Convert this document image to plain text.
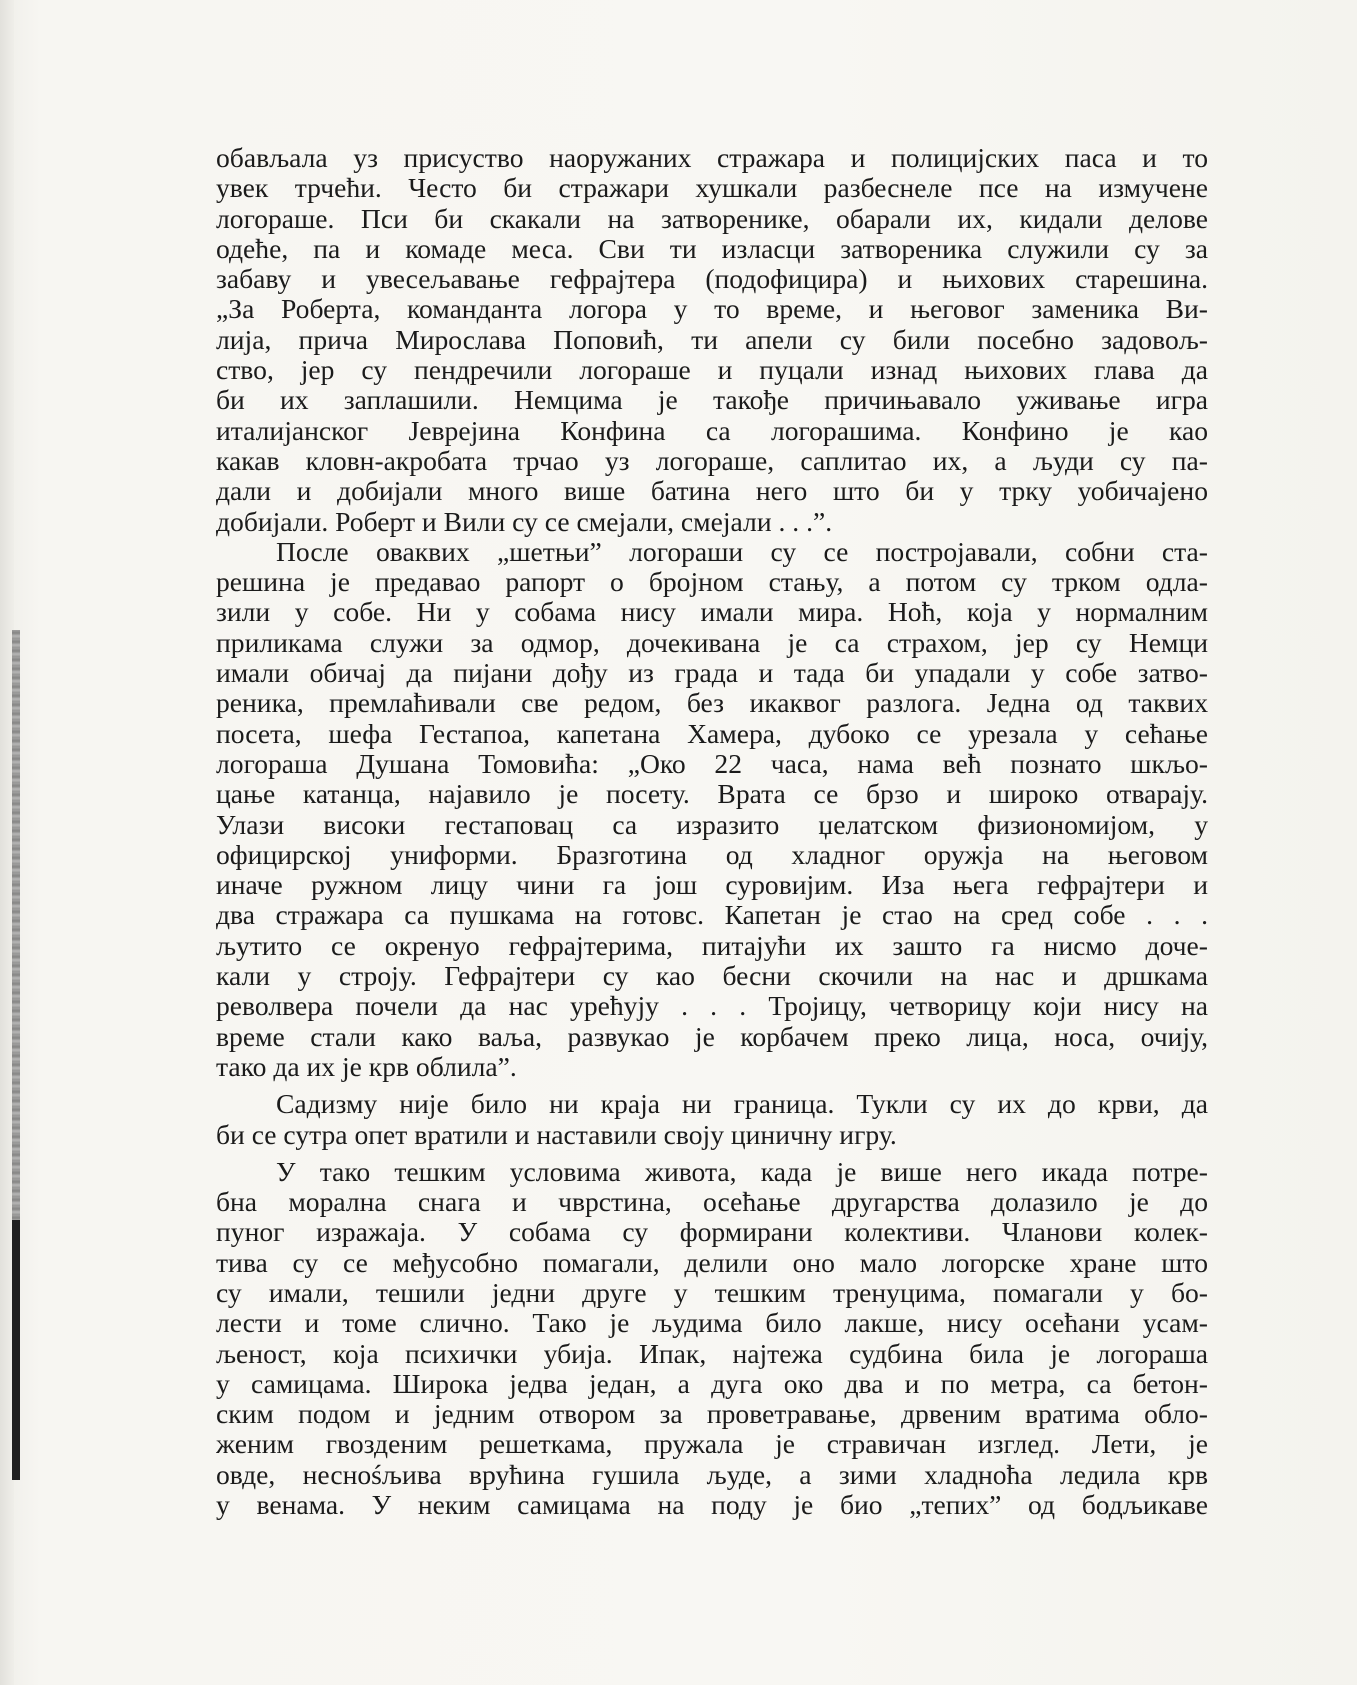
обављала уз присуство наоружаних стражара и полицијских паса и то
увек трчећи. Често би стражари хушкали разбесне​ле псе на измучене
логораше. Пси би скакали на затворенике, обарали их, кидали делове
одеће, па и комаде меса. Сви ти изласци затвореника служили су за
забаву и увесељавање гефрајтера (подофицира) и њихових старешина.
„За Роберта, команданта логора у то време, и његовог заменика Ви-
лија, прича Мирослава Поповић, ти апели су били посебно задовољ-
ство, јер су пендречили логораше и пуцали изнад њихових глава да
би их заплашили. Немцима је такође причињавало уживање игра
италијанског Јеврејина Конфина са логорашима. Конфино је као
какав кловн-акробата трчао уз логораше, саплитао их, а људи су па-
дали и добијали много више батина него што би у трку уобичајено
добијали. Роберт и Вили су се смејали, смејали . . .”.
После оваквих „шетњи” логораши су се постројавали, собни ста-
решина је предавао рапорт о бројном стању, а потом су трком одла-
зили у собе. Ни у собама нису имали мира. Ноћ, која у нормалним
приликама служи за одмор, дочекивана је са страхом, јер су Немци
имали обичај да пијани дођу из града и тада би упадали у собе затво-
реника, премлаћивали све редом, без икаквог разлога. Једна од таквих
посета, шефа Гестапоа, капетана Хамера, дубоко се урезала у сећање
логораша Душана Томовића: „Око 22 часа, нама већ познато шкљо-
цање катанца, најавило је посету. Врата се брзо и широко отварају.
Улази високи гестаповац са изразито џелатском физиономијом, у
официрској униформи. Бразготина од хладног оружја на његовом
иначе ружном лицу чини га још суровијим. Иза њега гефрајтери и
два стражара са пушкама на готовс. Капетан је стао на сред собе . . .
љутито се окренуо гефрајтерима, питајући их зашто га нисмо доче-
кали у строју. Гефрајтери су као бесни скочили на нас и дршкама
револвера почели да нас урећују . . . Тројицу, четворицу који нису на
време стали како ваља, развукао је корбачем преко лица, носа, очију,
тако да их је крв облила”.
Садизму није било ни краја ни граница. Тукли су их до крви, да
би се сутра опет вратили и наставили своју циничну игру.
У тако тешким условима живота, када је више него икада потре-
бна морална снага и чврстина, осећање другарства долазило је до
пуног изражаја. У собама су формирани колективи. Чланови колек-
тива су се међусобно помагали, делили оно мало логорске хране што
су имали, тешили једни друге у тешким тренуцима, помагали у бо-
лести и томе слично. Тако је људима било лакше, нису осећани усам-
љеност, која психички убија. Ипак, најтежа судбина била је логораша
у самицама. Широка једва један, а дуга око два и по метра, са бетон-
ским подом и једним отвором за проветравање, дрвеним вратима обло-
женим гвозденим решеткама, пружала је стравичан изглед. Лети, је
овде, неснośљива врућина гушила људе, а зими хладноћа ледила крв
у венама. У неким самицама на поду је био „тепих” од бодљикаве
